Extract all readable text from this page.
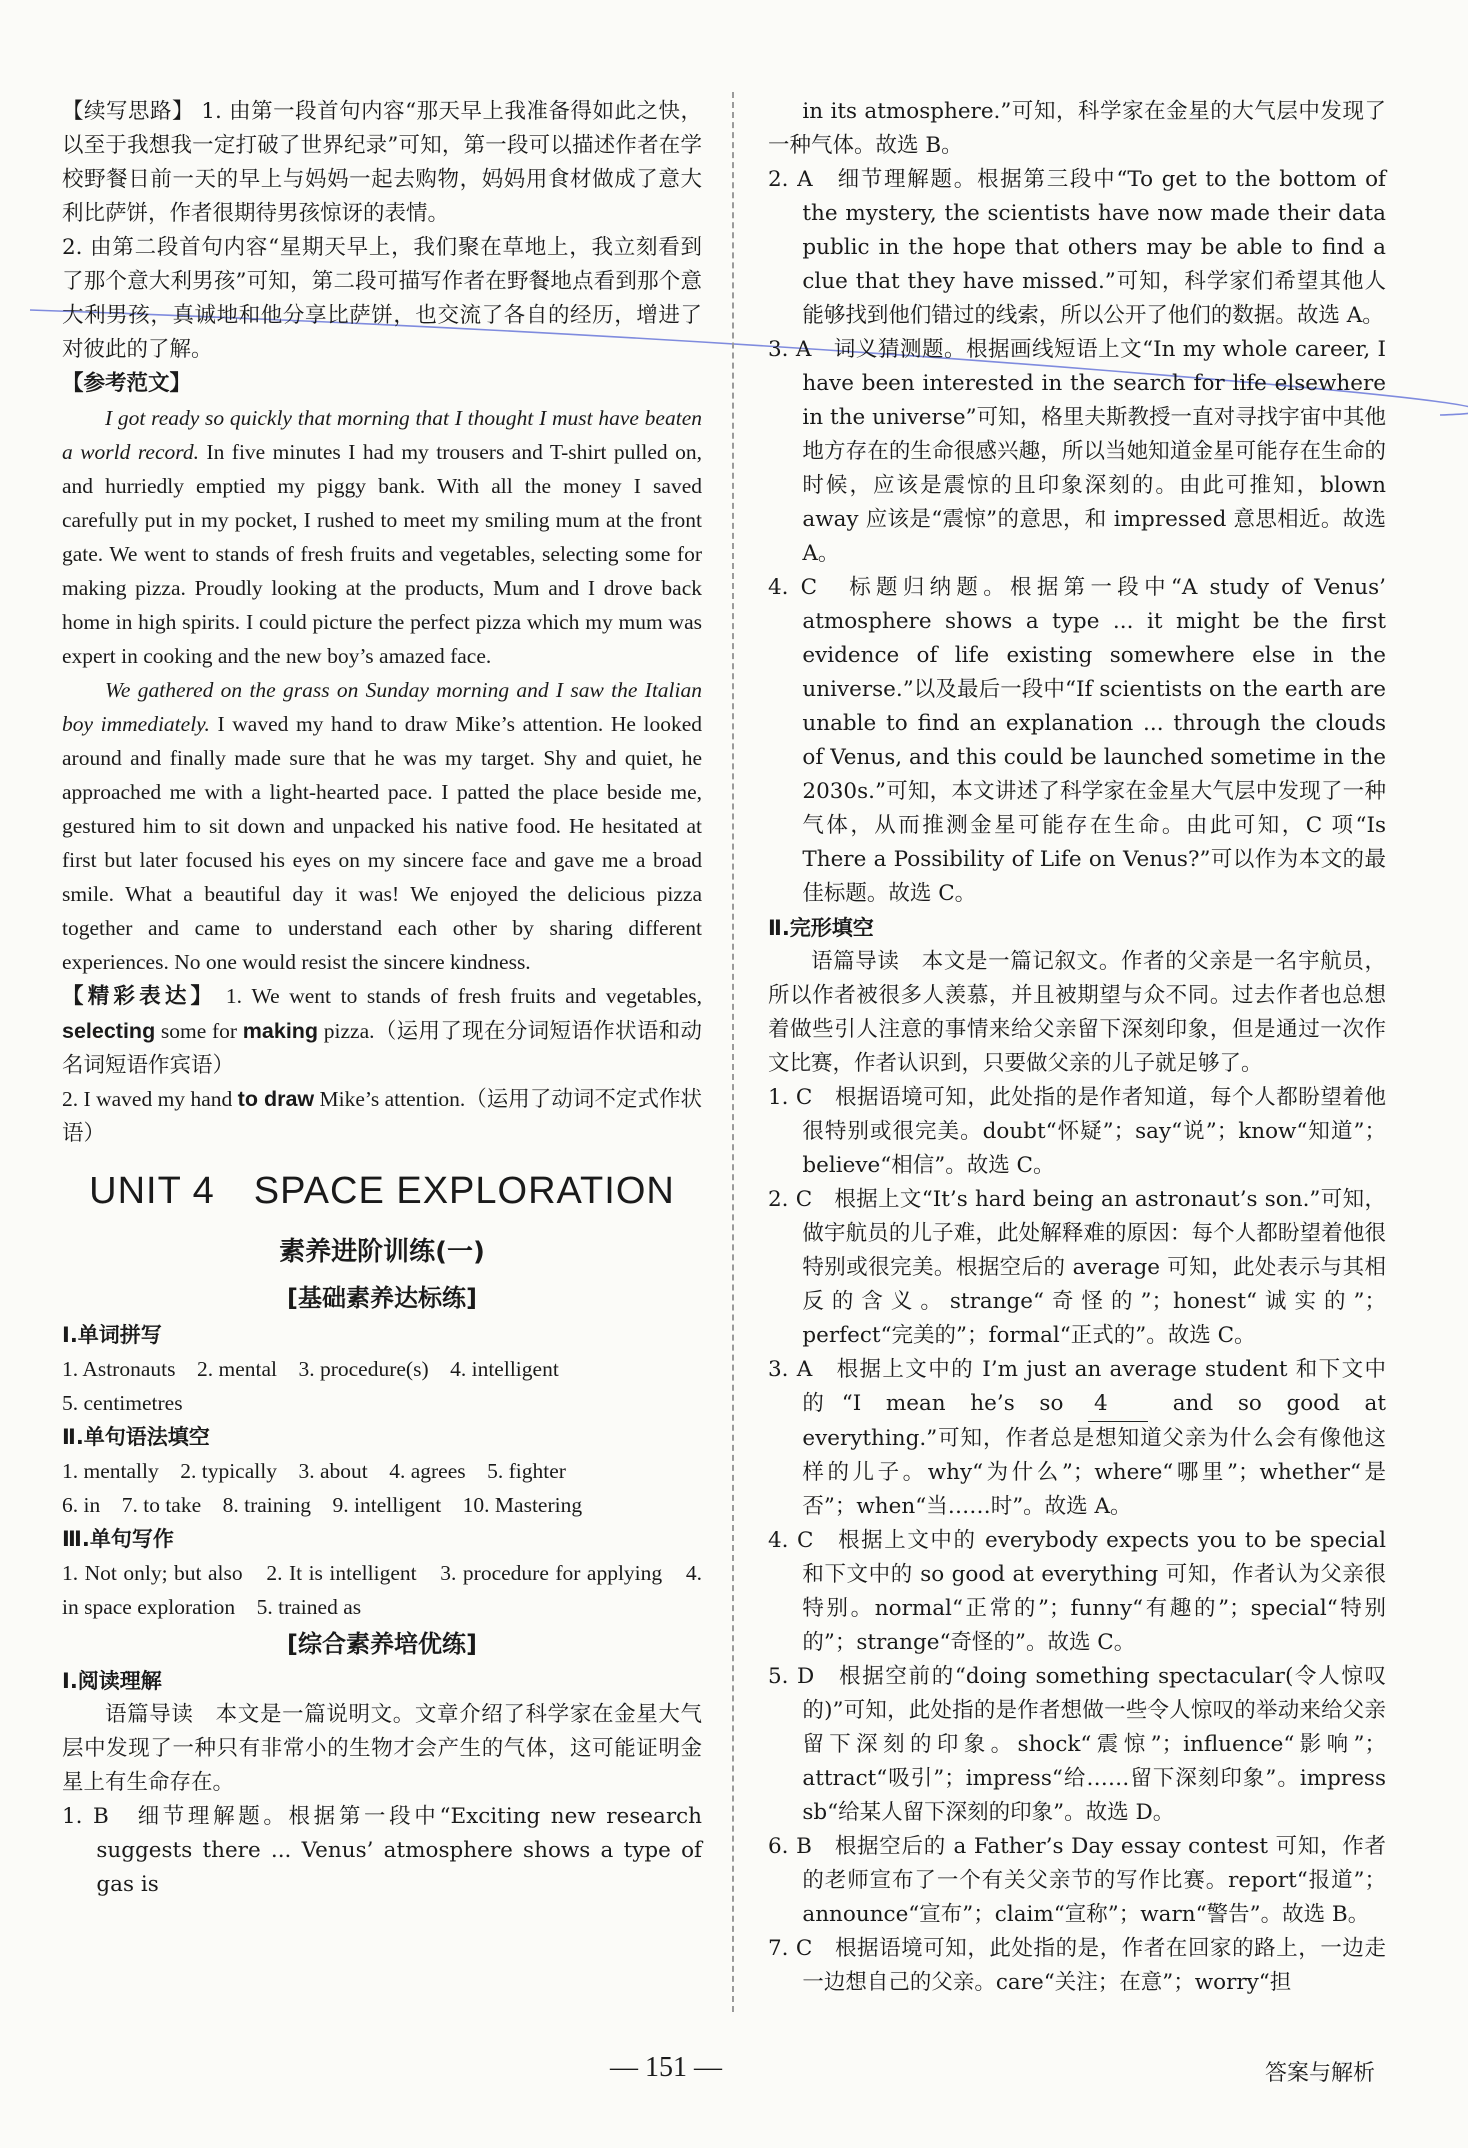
【续写思路】 1. 由第一段首句内容“那天早上我准备得如此之快，以至于我想我一定打破了世界纪录”可知，第一段可以描述作者在学校野餐日前一天的早上与妈妈一起去购物，妈妈用食材做成了意大利比萨饼，作者很期待男孩惊讶的表情。

2. 由第二段首句内容“星期天早上，我们聚在草地上，我立刻看到了那个意大利男孩”可知，第二段可描写作者在野餐地点看到那个意大利男孩，真诚地和他分享比萨饼，也交流了各自的经历，增进了对彼此的了解。

【参考范文】

I got ready so quickly that morning that I thought I must have beaten a world record. In five minutes I had my trousers and T-shirt pulled on, and hurriedly emptied my piggy bank. With all the money I saved carefully put in my pocket, I rushed to meet my smiling mum at the front gate. We went to stands of fresh fruits and vegetables, selecting some for making pizza. Proudly looking at the products, Mum and I drove back home in high spirits. I could picture the perfect pizza which my mum was expert in cooking and the new boy’s amazed face.

We gathered on the grass on Sunday morning and I saw the Italian boy immediately. I waved my hand to draw Mike’s attention. He looked around and finally made sure that he was my target. Shy and quiet, he approached me with a light-hearted pace. I patted the place beside me, gestured him to sit down and unpacked his native food. He hesitated at first but later focused his eyes on my sincere face and gave me a broad smile. What a beautiful day it was! We enjoyed the delicious pizza together and came to understand each other by sharing different experiences. No one would resist the sincere kindness.

【精彩表达】 1. We went to stands of fresh fruits and vegetables, selecting some for making pizza.（运用了现在分词短语作状语和动名词短语作宾语）

2. I waved my hand to draw Mike’s attention.（运用了动词不定式作状语）

UNIT 4　SPACE EXPLORATION
素养进阶训练(一)
[基础素养达标练]

Ⅰ.单词拼写

1. Astronauts　2. mental　3. procedure(s)　4. intelligent

5. centimetres

Ⅱ.单句语法填空

1. mentally　2. typically　3. about　4. agrees　5. fighter

6. in　7. to take　8. training　9. intelligent　10. Mastering

Ⅲ.单句写作

1. Not only; but also　2. It is intelligent　3. procedure for applying　4. in space exploration　5. trained as

[综合素养培优练]

Ⅰ.阅读理解

语篇导读　本文是一篇说明文。文章介绍了科学家在金星大气层中发现了一种只有非常小的生物才会产生的气体，这可能证明金星上有生命存在。

1. B　细节理解题。根据第一段中“Exciting new research suggests there ... Venus’ atmosphere shows a type of gas is

in its atmosphere.”可知，科学家在金星的大气层中发现了一种气体。故选 B。

2. A　细节理解题。根据第三段中“To get to the bottom of the mystery, the scientists have now made their data public in the hope that others may be able to find a clue that they have missed.”可知，科学家们希望其他人能够找到他们错过的线索，所以公开了他们的数据。故选 A。

3. A　词义猜测题。根据画线短语上文“In my whole career, I have been interested in the search for life elsewhere in the universe”可知，格里夫斯教授一直对寻找宇宙中其他地方存在的生命很感兴趣，所以当她知道金星可能存在生命的时候，应该是震惊的且印象深刻的。由此可推知，blown away 应该是“震惊”的意思，和 impressed 意思相近。故选 A。

4. C　标题归纳题。根据第一段中“A study of Venus’ atmosphere shows a type ... it might be the first evidence of life existing somewhere else in the universe.”以及最后一段中“If scientists on the earth are unable to find an explanation ... through the clouds of Venus, and this could be launched sometime in the 2030s.”可知，本文讲述了科学家在金星大气层中发现了一种气体，从而推测金星可能存在生命。由此可知，C 项“Is There a Possibility of Life on Venus?”可以作为本文的最佳标题。故选 C。

Ⅱ.完形填空

语篇导读　本文是一篇记叙文。作者的父亲是一名宇航员，所以作者被很多人羡慕，并且被期望与众不同。过去作者也总想着做些引人注意的事情来给父亲留下深刻印象，但是通过一次作文比赛，作者认识到，只要做父亲的儿子就足够了。

1. C　根据语境可知，此处指的是作者知道，每个人都盼望着他很特别或很完美。doubt“怀疑”；say“说”；know“知道”；believe“相信”。故选 C。

2. C　根据上文“It’s hard being an astronaut’s son.”可知，做宇航员的儿子难，此处解释难的原因：每个人都盼望着他很特别或很完美。根据空后的 average 可知，此处表示与其相反的含义。strange“奇怪的”；honest“诚实的”；perfect“完美的”；formal“正式的”。故选 C。

3. A　根据上文中的 I’m just an average student 和下文中的“I mean he’s so 4 and so good at everything.”可知，作者总是想知道父亲为什么会有像他这样的儿子。why“为什么”；where“哪里”；whether“是否”；when“当……时”。故选 A。

4. C　根据上文中的 everybody expects you to be special 和下文中的 so good at everything 可知，作者认为父亲很特别。normal“正常的”；funny“有趣的”；special“特别的”；strange“奇怪的”。故选 C。

5. D　根据空前的“doing something spectacular(令人惊叹的)”可知，此处指的是作者想做一些令人惊叹的举动来给父亲留下深刻的印象。shock“震惊”；influence“影响”；attract“吸引”；impress“给……留下深刻印象”。impress sb“给某人留下深刻的印象”。故选 D。

6. B　根据空后的 a Father’s Day essay contest 可知，作者的老师宣布了一个有关父亲节的写作比赛。report“报道”；announce“宣布”；claim“宣称”；warn“警告”。故选 B。

7. C　根据语境可知，此处指的是，作者在回家的路上，一边走一边想自己的父亲。care“关注；在意”；worry“担

— 151 —	答案与解析
